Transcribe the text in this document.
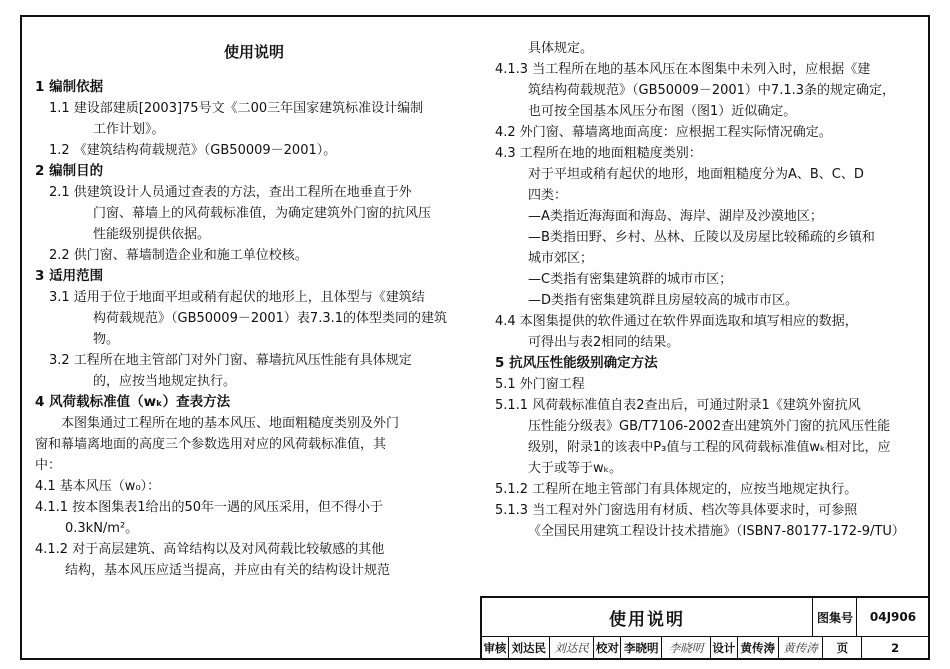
使用说明

1 编制依据

1.1 建设部建质[2003]75号文《二00三年国家建筑标准设计编制

工作计划》。

1.2 《建筑结构荷载规范》（GB50009－2001）。

2 编制目的

2.1 供建筑设计人员通过查表的方法，查出工程所在地垂直于外

门窗、幕墙上的风荷载标准值，为确定建筑外门窗的抗风压

性能级别提供依据。

2.2 供门窗、幕墙制造企业和施工单位校核。

3 适用范围

3.1 适用于位于地面平坦或稍有起伏的地形上，且体型与《建筑结

构荷载规范》（GB50009－2001）表7.3.1的体型类同的建筑

物。

3.2 工程所在地主管部门对外门窗、幕墙抗风压性能有具体规定

的，应按当地规定执行。

4 风荷载标准值（wₖ）查表方法

本图集通过工程所在地的基本风压、地面粗糙度类别及外门

窗和幕墙离地面的高度三个参数选用对应的风荷载标准值，其

中：

4.1 基本风压（w₀）：

4.1.1 按本图集表1给出的50年一遇的风压采用，但不得小于

0.3kN/m²。

4.1.2 对于高层建筑、高耸结构以及对风荷载比较敏感的其他

结构，基本风压应适当提高，并应由有关的结构设计规范

具体规定。

4.1.3 当工程所在地的基本风压在本图集中未列入时，应根据《建

筑结构荷载规范》（GB50009－2001）中7.1.3条的规定确定，

也可按全国基本风压分布图（图1）近似确定。

4.2 外门窗、幕墙离地面高度：应根据工程实际情况确定。

4.3 工程所在地的地面粗糙度类别：

对于平坦或稍有起伏的地形，地面粗糙度分为A、B、C、D

四类：

—A类指近海海面和海岛、海岸、湖岸及沙漠地区；

—B类指田野、乡村、丛林、丘陵以及房屋比较稀疏的乡镇和

城市郊区；

—C类指有密集建筑群的城市市区；

—D类指有密集建筑群且房屋较高的城市市区。

4.4 本图集提供的软件通过在软件界面选取和填写相应的数据，

可得出与表2相同的结果。

5 抗风压性能级别确定方法

5.1 外门窗工程

5.1.1 风荷载标准值自表2查出后，可通过附录1《建筑外窗抗风

压性能分级表》GB/T7106-2002查出建筑外门窗的抗风压性能

级别，附录1的该表中P₃值与工程的风荷载标准值wₖ相对比，应

大于或等于wₖ。

5.1.2 工程所在地主管部门有具体规定的，应按当地规定执行。

5.1.3 当工程对外门窗选用有材质、档次等具体要求时，可参照

《全国民用建筑工程设计技术措施》（ISBN7-80177-172-9/TU）

使用说明	图集号	04J906
审核 刘达民 刘达民 校对 李晓明 李晓明 设计 黄传涛 黄传涛	页	2
